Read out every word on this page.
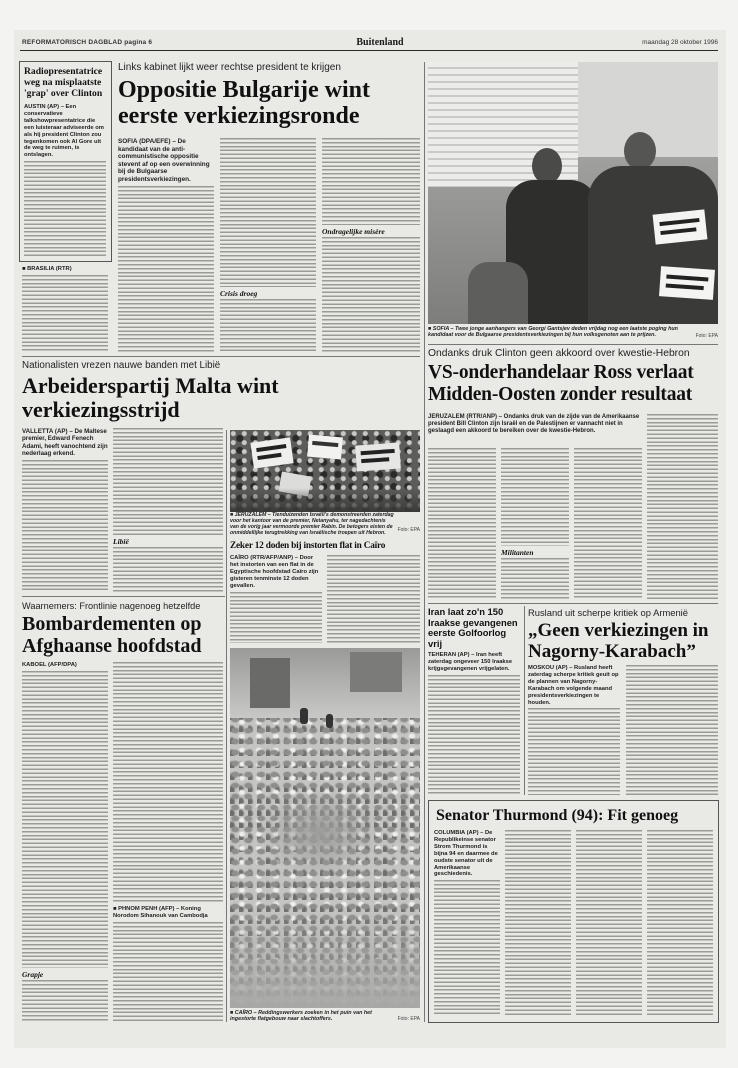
REFORMATORISCH DAGBLAD pagina 6	Buitenland	maandag 28 oktober 1996
Radiopresentatrice weg na misplaatste 'grap' over Clinton

AUSTIN (AP) – Een conservatieve talkshowpresentatrice die een luisteraar adviseerde om als hij president Clinton zou tegenkomen ook Al Gore uit de weg te ruimen, is ontslagen.

■ BRASILIA (RTR)

Links kabinet lijkt weer rechtse president te krijgen
Oppositie Bulgarije wint eerste verkiezingsronde

SOFIA (DPA/EFE) – De kandidaat van de anti-communistische oppositie stevent af op een overwinning bij de Bulgaarse presidentsverkiezingen.

Crisis droeg
Ondragelijke misère
■ SOFIA – Twee jonge aanhangers van Georgi Gantsjev deden vrijdag nog een laatste poging hun kandidaat voor de Bulgaarse presidentsverkiezingen bij hun volksgenoten aan te prijzen.	Foto: EPA
Ondanks druk Clinton geen akkoord over kwestie-Hebron
VS-onderhandelaar Ross verlaat Midden-Oosten zonder resultaat
JERUZALEM (RTR/ANP) – Ondanks druk van de zijde van de Amerikaanse president Bill Clinton zijn Israël en de Palestijnen er vannacht niet in geslaagd een akkoord te bereiken over de kwestie-Hebron.
Militanten
Nationalisten vrezen nauwe banden met Libië
Arbeiderspartij Malta wint verkiezingsstrijd

VALLETTA (AP) – De Maltese premier, Edward Fenech Adami, heeft vanochtend zijn nederlaag erkend.

Libië
■ JERUZALEM – Tienduizenden Israëli's demonstreerden zaterdag voor het kantoor van de premier, Netanyahu, ter nagedachtenis van de vorig jaar vermoorde premier Rabin. De betogers eisten de onmiddellijke terugtrekking van Israëlische troepen uit Hebron.	Foto: EPA
Zeker 12 doden bij instorten flat in Caïro

CAÏRO (RTR/AFP/ANP) – Door het instorten van een flat in de Egyptische hoofdstad Caïro zijn gisteren tenminste 12 doden gevallen.

■ CAÏRO – Reddingswerkers zoeken in het puin van het ingestorte flatgebouw naar slachtoffers.	Foto: EPA
Waarnemers: Frontlinie nagenoeg hetzelfde
Bombardementen op Afghaanse hoofdstad

KABOEL (AFP/DPA)

Grapje

■ PHNOM PENH (AFP) – Koning Norodom Sihanouk van Cambodja

Iran laat zo'n 150 Iraakse gevangenen eerste Golfoorlog vrij

TEHERAN (AP) – Iran heeft zaterdag ongeveer 150 Iraakse krijgsgevangenen vrijgelaten.

Rusland uit scherpe kritiek op Armenië
„Geen verkiezingen in Nagorny-Karabach”

MOSKOU (AP) – Rusland heeft zaterdag scherpe kritiek geuit op de plannen van Nagorny-Karabach om volgende maand presidentsverkiezingen te houden.

Senator Thurmond (94): Fit genoeg

COLUMBIA (AP) – De Republikeinse senator Strom Thurmond is bijna 94 en daarmee de oudste senator uit de Amerikaanse geschiedenis.
